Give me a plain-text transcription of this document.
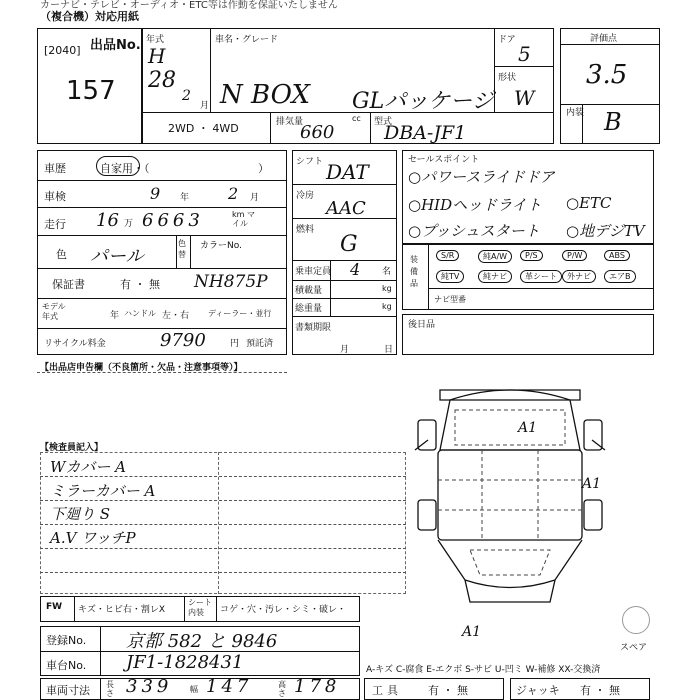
カーナビ・テレビ・オーディオ・ETC等は作動を保証いたしません
（複合機）対応用紙
出品No.
[2040]
157
年式
H
28
2
月
車名・グレード
N BOX GLパッケージ
ドア
5
形状
W
2WD ・ 4WD	排気量	cc
660	型式
DBA-JF1
評価点
3.5
内装 B
車歴	自家用・（	）
車検	9 年 2 月
走行 16 万 6663	km マイル
色 パール
色替
カラーNo.
保証書	有 ・ 無 NH875P
モデル年式	年 ハンドル 左・右 ディーラー・並行
リサイクル料金	9790	円 預託済
シフト DAT
冷房
AAC
燃料
G
乗車定員 4 名
積載量	kg
総重量	kg
書類期限
月	日
セールスポイント
○パワースライドドア
○HIDヘッドライト ○ETC
○プッシュスタート ○地デジTV
装備品
S/R	純A/W	P/S	P/W	ABS
純TV	純ナビ	革シート	外ナビ	エアB
ナビ型番
後日品
【出品店申告欄（不良箇所・欠品・注意事項等）】
【検査員記入】
Wカバー A
ミラーカバー A
下廻り S
A.V ワッチP
A1
A1
A1
スペア
FW キズ・ヒビ右・割レX
シート内装	コゲ・穴・汚レ・シミ・破レ・
登録No. 京都 582 と 9846
車台No. JF1-1828431
車両寸法 長さ 339 幅 147	高さ 178
A-キズ C-腐食 E-エクボ S-サビ U-凹ミ W-補修 XX-交換済
工具 有 ・ 無	ジャッキ 有 ・ 無
